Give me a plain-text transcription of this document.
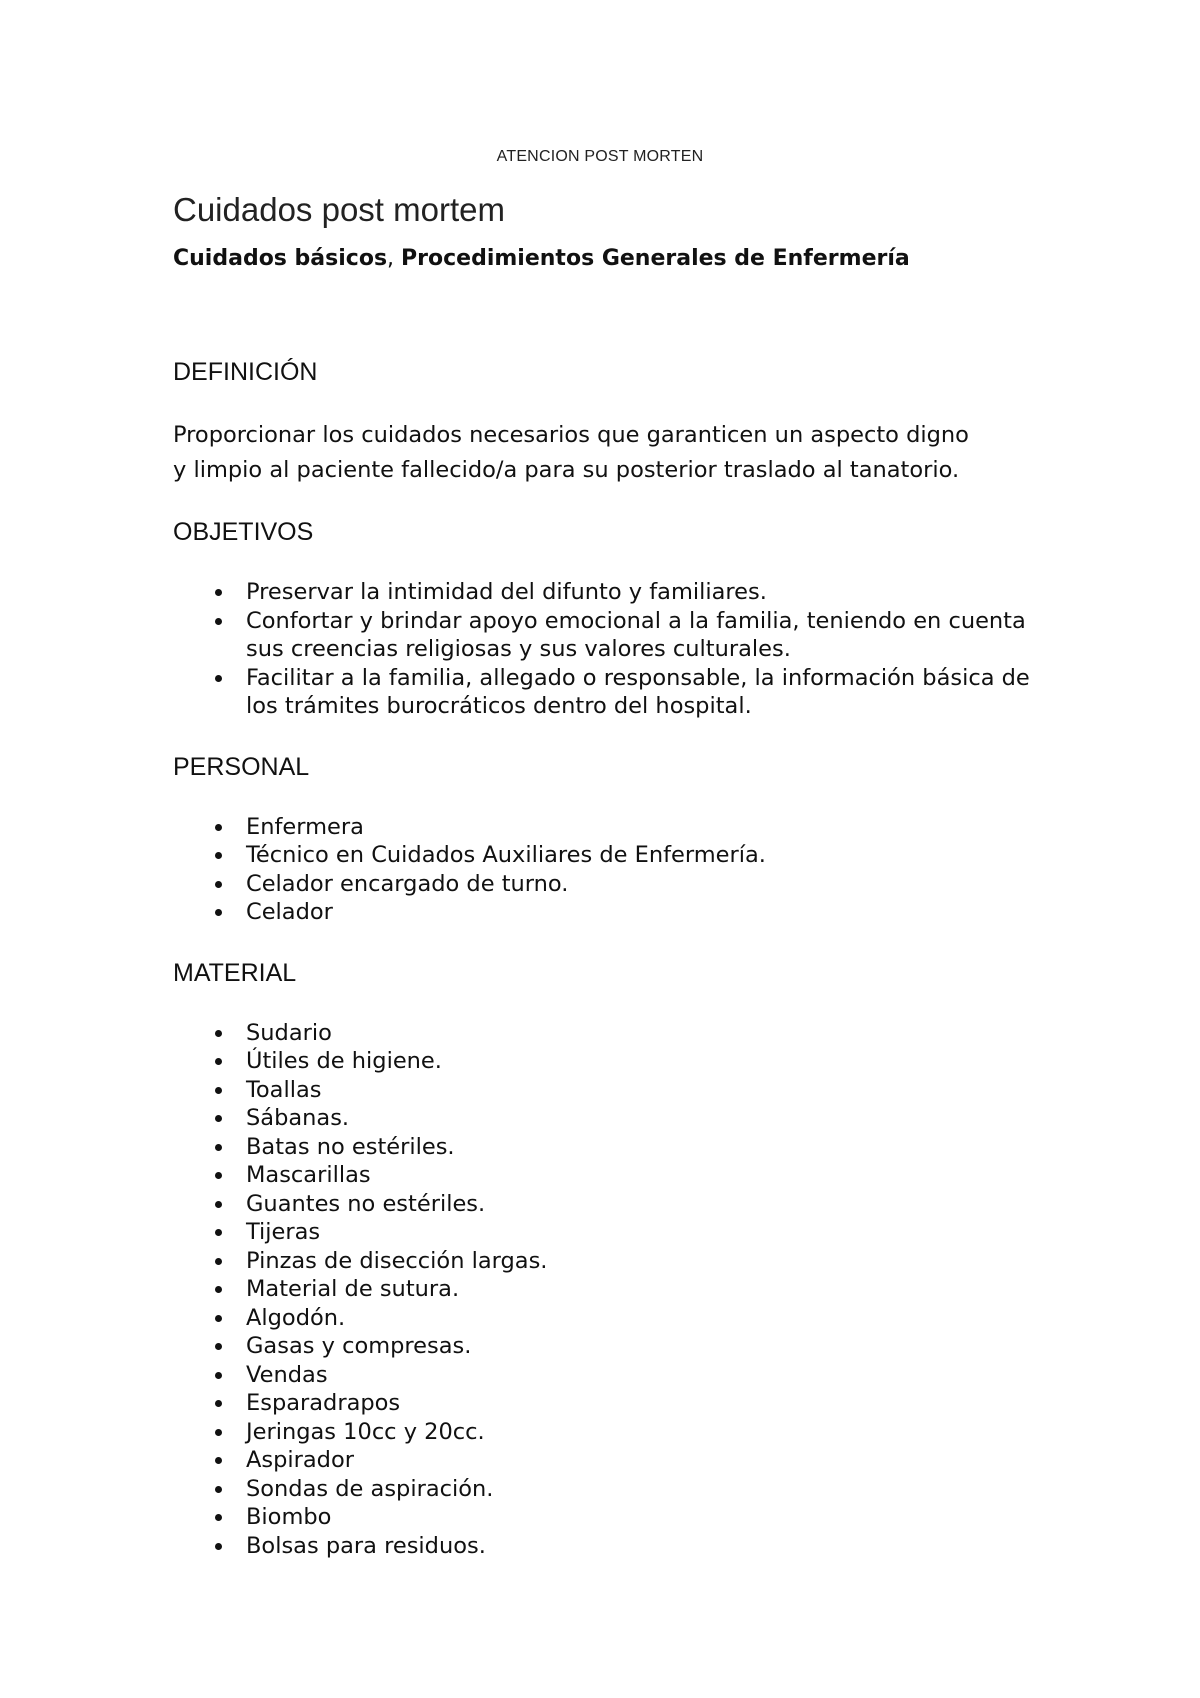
ATENCION POST MORTEN
Cuidados post mortem
Cuidados básicos, Procedimientos Generales de Enfermería
DEFINICIÓN

Proporcionar los cuidados necesarios que garanticen un aspecto digno
y limpio al paciente fallecido/a para su posterior traslado al tanatorio.

OBJETIVOS
Preservar la intimidad del difunto y familiares.
Confortar y brindar apoyo emocional a la familia, teniendo en cuenta sus creencias religiosas y sus valores culturales.
Facilitar a la familia, allegado o responsable, la información básica de los trámites burocráticos dentro del hospital.
PERSONAL
Enfermera
Técnico en Cuidados Auxiliares de Enfermería.
Celador encargado de turno.
Celador
MATERIAL
Sudario
Útiles de higiene.
Toallas
Sábanas.
Batas no estériles.
Mascarillas
Guantes no estériles.
Tijeras
Pinzas de disección largas.
Material de sutura.
Algodón.
Gasas y compresas.
Vendas
Esparadrapos
Jeringas 10cc y 20cc.
Aspirador
Sondas de aspiración.
Biombo
Bolsas para residuos.
